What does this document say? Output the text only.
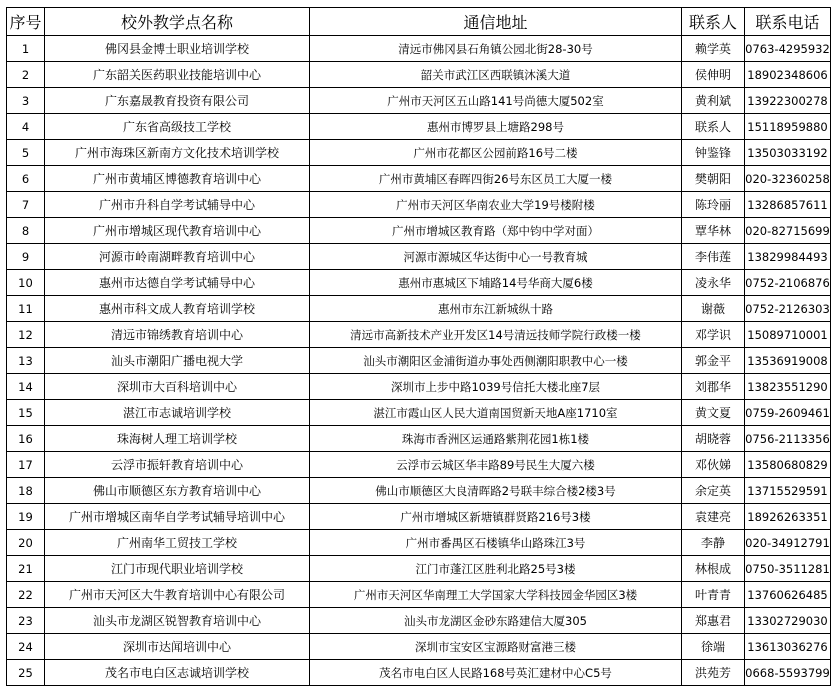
序号	校外教学点名称	通信地址	联系人	联系电话
1	佛冈县金博士职业培训学校	清远市佛冈县石角镇公园北街28-30号	赖学英	0763-4295932
2	广东韶关医药职业技能培训中心	韶关市武江区西联镇沐溪大道	侯伸明	18902348606
3	广东嘉晟教育投资有限公司	广州市天河区五山路141号尚德大厦502室	黄利斌	13922300278
4	广东省高级技工学校	惠州市博罗县上塘路298号	联系人	15118959880
5	广州市海珠区新南方文化技术培训学校	广州市花都区公园前路16号二楼	钟鉴锋	13503033192
6	广州市黄埔区博德教育培训中心	广州市黄埔区春晖四街26号东区员工大厦一楼	樊朝阳	020-32360258
7	广州市升科自学考试辅导中心	广州市天河区华南农业大学19号楼附楼	陈玲丽	13286857611
8	广州市增城区现代教育培训中心	广州市增城区教育路（郑中钧中学对面）	覃华林	020-82715699
9	河源市岭南湖畔教育培训中心	河源市源城区华达街中心一号教育城	李伟莲	13829984493
10	惠州市达德自学考试辅导中心	惠州市惠城区下埔路14号华商大厦6楼	凌永华	0752-2106876
11	惠州市科文成人教育培训学校	惠州市东江新城纵十路	谢薇	0752-2126303
12	清远市锦绣教育培训中心	清远市高新技术产业开发区14号清远技师学院行政楼一楼	邓学识	15089710001
13	汕头市潮阳广播电视大学	汕头市潮阳区金浦街道办事处西侧潮阳职教中心一楼	郭金平	13536919008
14	深圳市大百科培训中心	深圳市上步中路1039号信托大楼北座7层	刘郡华	13823551290
15	湛江市志诚培训学校	湛江市霞山区人民大道南国贸新天地A座1710室	黄文夏	0759-2609461
16	珠海树人理工培训学校	珠海市香洲区运通路紫荆花园1栋1楼	胡晓蓉	0756-2113356
17	云浮市振轩教育培训中心	云浮市云城区华丰路89号民生大厦六楼	邓伙娣	13580680829
18	佛山市顺德区东方教育培训中心	佛山市顺德区大良清晖路2号联丰综合楼2楼3号	余定英	13715529591
19	广州市增城区南华自学考试辅导培训中心	广州市增城区新塘镇群贤路216号3楼	袁建亮	18926263351
20	广州南华工贸技工学校	广州市番禺区石楼镇华山路珠江3号	李静	020-34912791
21	江门市现代职业培训学校	江门市蓬江区胜利北路25号3楼	林根成	0750-3511281
22	广州市天河区大牛教育培训中心有限公司	广州市天河区华南理工大学国家大学科技园金华园区3楼	叶青青	13760626485
23	汕头市龙湖区锐智教育培训中心	汕头市龙湖区金砂东路建信大厦305	郑惠君	13302729030
24	深圳市达闻培训中心	深圳市宝安区宝源路财富港三楼	徐端	13613036276
25	茂名市电白区志诚培训学校	茂名市电白区人民路168号英汇建材中心C5号	洪苑芳	0668-5593799
